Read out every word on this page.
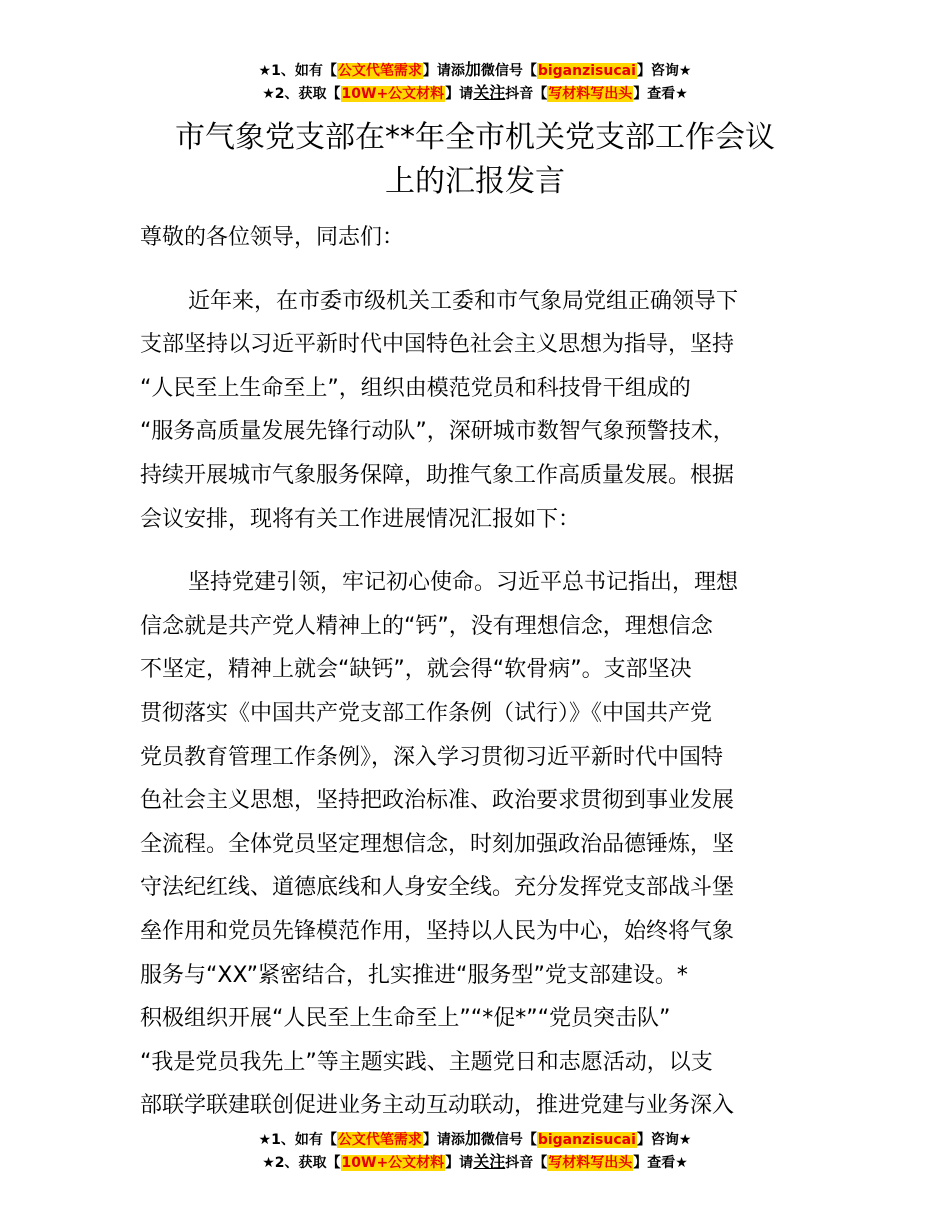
★1、如有【公文代笔需求】请添加微信号【biganzisucai】咨询★
★2、获取【10W+公文材料】请关注抖音【写材料写出头】查看★
市气象党支部在**年全市机关党支部工作会议
上的汇报发言
尊敬的各位领导，同志们：
近年来，在市委市级机关工委和市气象局党组正确领导下
支部坚持以习近平新时代中国特色社会主义思想为指导，坚持
“人民至上生命至上”，组织由模范党员和科技骨干组成的
“服务高质量发展先锋行动队”，深研城市数智气象预警技术，
持续开展城市气象服务保障，助推气象工作高质量发展。根据
会议安排，现将有关工作进展情况汇报如下：
坚持党建引领，牢记初心使命。习近平总书记指出，理想
信念就是共产党人精神上的“钙”，没有理想信念，理想信念
不坚定，精神上就会“缺钙”，就会得“软骨病”。支部坚决
贯彻落实《中国共产党支部工作条例（试行）》《中国共产党
党员教育管理工作条例》，深入学习贯彻习近平新时代中国特
色社会主义思想，坚持把政治标准、政治要求贯彻到事业发展
全流程。全体党员坚定理想信念，时刻加强政治品德锤炼，坚
守法纪红线、道德底线和人身安全线。充分发挥党支部战斗堡
垒作用和党员先锋模范作用，坚持以人民为中心，始终将气象
服务与“XX”紧密结合，扎实推进“服务型”党支部建设。*
积极组织开展“人民至上生命至上”“*促*”“党员突击队”
“我是党员我先上”等主题实践、主题党日和志愿活动，以支
部联学联建联创促进业务主动互动联动，推进党建与业务深入
★1、如有【公文代笔需求】请添加微信号【biganzisucai】咨询★
★2、获取【10W+公文材料】请关注抖音【写材料写出头】查看★
